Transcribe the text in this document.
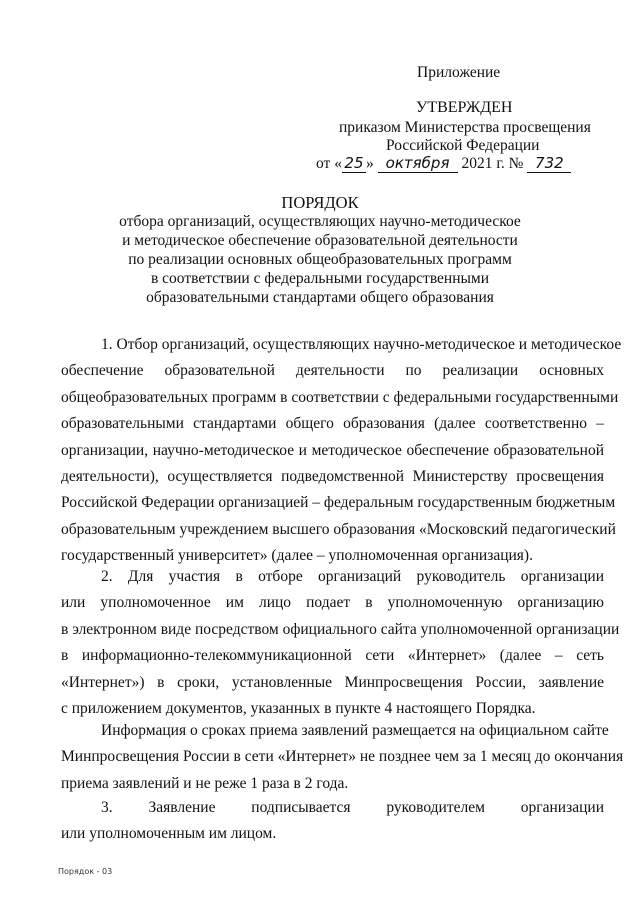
Приложение
УТВЕРЖДЕН
приказом Министерства просвещения
Российской Федерации
от « 25 » октября 2021 г. № 732
ПОРЯДОК
отбора организаций, осуществляющих научно-методическое
и методическое обеспечение образовательной деятельности
по реализации основных общеобразовательных программ
в соответствии с федеральными государственными
образовательными стандартами общего образования
1. Отбор организаций, осуществляющих научно-методическое и методическое
обеспечение образовательной деятельности по реализации основных
общеобразовательных программ в соответствии с федеральными государственными
образовательными стандартами общего образования (далее соответственно –
организации, научно-методическое и методическое обеспечение образовательной
деятельности), осуществляется подведомственной Министерству просвещения
Российской Федерации организацией – федеральным государственным бюджетным
образовательным учреждением высшего образования «Московский педагогический
государственный университет» (далее – уполномоченная организация).
2. Для участия в отборе организаций руководитель организации
или уполномоченное им лицо подает в уполномоченную организацию
в электронном виде посредством официального сайта уполномоченной организации
в информационно-телекоммуникационной сети «Интернет» (далее – сеть
«Интернет») в сроки, установленные Минпросвещения России, заявление
с приложением документов, указанных в пункте 4 настоящего Порядка.
Информация о сроках приема заявлений размещается на официальном сайте
Минпросвещения России в сети «Интернет» не позднее чем за 1 месяц до окончания
приема заявлений и не реже 1 раза в 2 года.
3. Заявление подписывается руководителем организации
или уполномоченным им лицом.
Порядок - 03
